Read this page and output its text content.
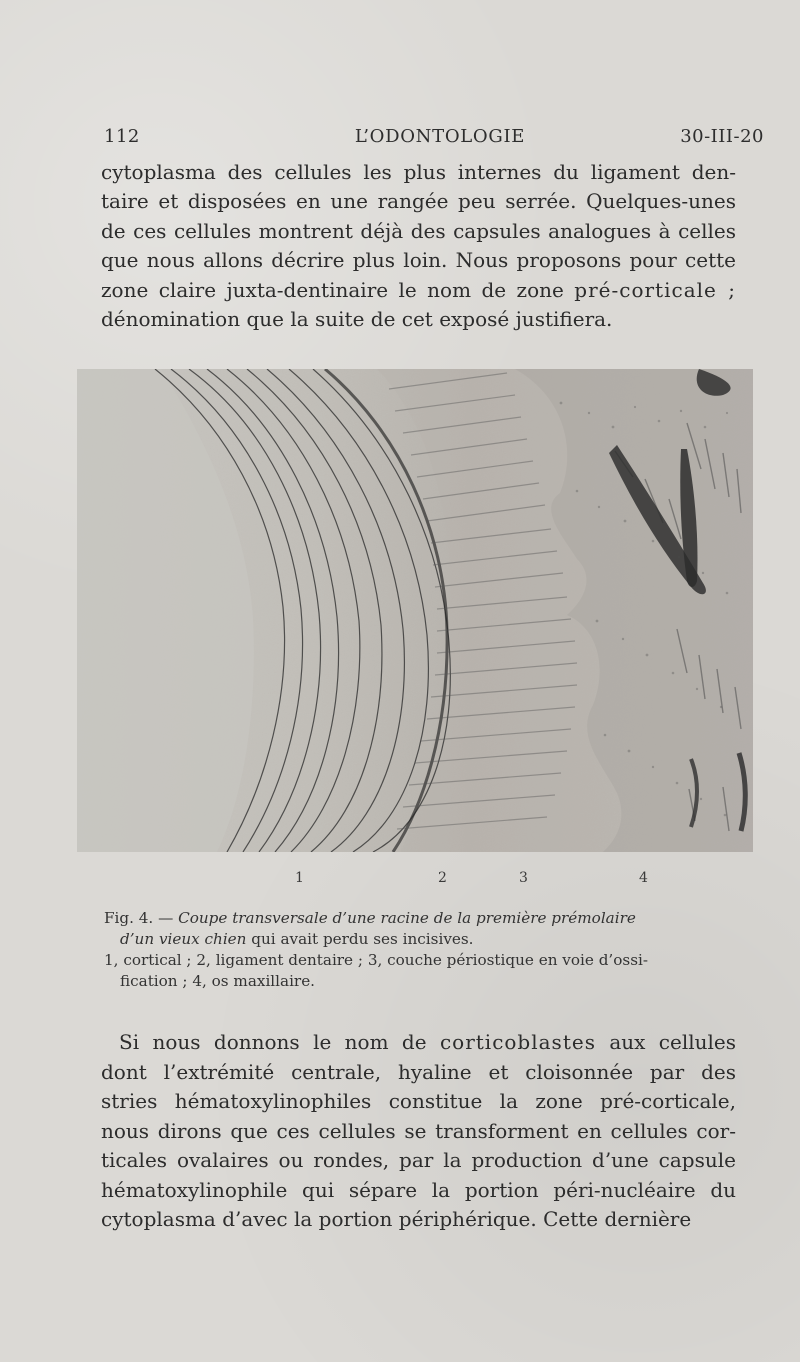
112	L’ODONTOLOGIE	30-III-20
cytoplasma des cellules les plus internes du ligament den-
taire et disposées en une rangée peu serrée. Quelques-unes
de ces cellules montrent déjà des capsules analogues à celles
que nous allons décrire plus loin. Nous proposons pour cette
zone claire juxta-dentinaire le nom de zone pré-corticale ;
dénomination que la suite de cet exposé justifiera.
1	2	3	4
Fig. 4. — Coupe transversale d’une racine de la première prémolaire
d’un vieux chien qui avait perdu ses incisives.
1, cortical ; 2, ligament dentaire ; 3, couche périostique en voie d’ossi-
fication ; 4, os maxillaire.
Si nous donnons le nom de corticoblastes aux cellules
dont l’extrémité centrale, hyaline et cloisonnée par des
stries hématoxylinophiles constitue la zone pré-corticale,
nous dirons que ces cellules se transforment en cellules cor-
ticales ovalaires ou rondes, par la production d’une capsule
hématoxylinophile qui sépare la portion péri-nucléaire du
cytoplasma d’avec la portion périphérique. Cette dernière
